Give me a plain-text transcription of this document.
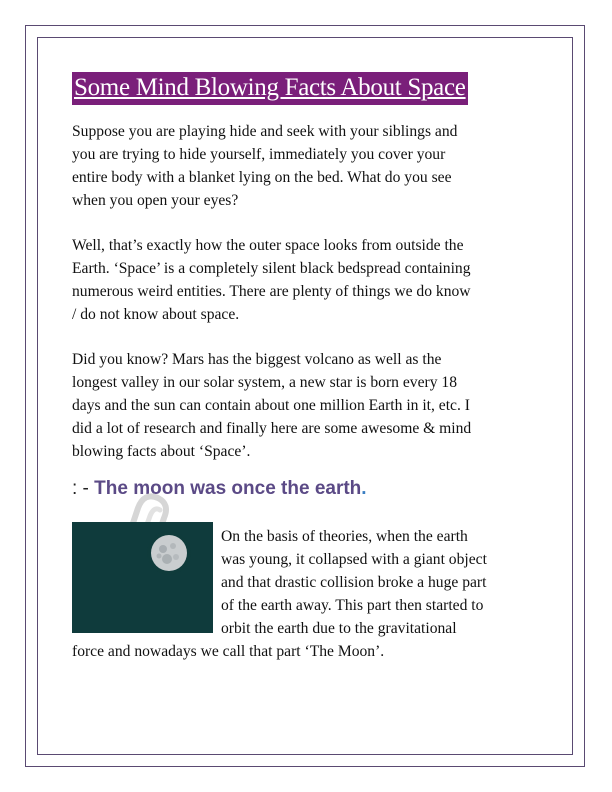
Some Mind Blowing Facts About Space

Suppose you are playing hide and seek with your siblings and
you are trying to hide yourself, immediately you cover your
entire body with a blanket lying on the bed. What do you see
when you open your eyes?

Well, that’s exactly how the outer space looks from outside the
Earth. ‘Space’ is a completely silent black bedspread containing
numerous weird entities. There are plenty of things we do know
/ do not know about space.

Did you know? Mars has the biggest volcano as well as the
longest valley in our solar system, a new star is born every 18
days and the sun can contain about one million Earth in it, etc. I
did a lot of research and finally here are some awesome & mind
blowing facts about ‘Space’.

: - The moon was once the earth.

On the basis of theories, when the earth
was young, it collapsed with a giant object
and that drastic collision broke a huge part
of the earth away. This part then started to
orbit the earth due to the gravitational

force and nowadays we call that part ‘The Moon’.
